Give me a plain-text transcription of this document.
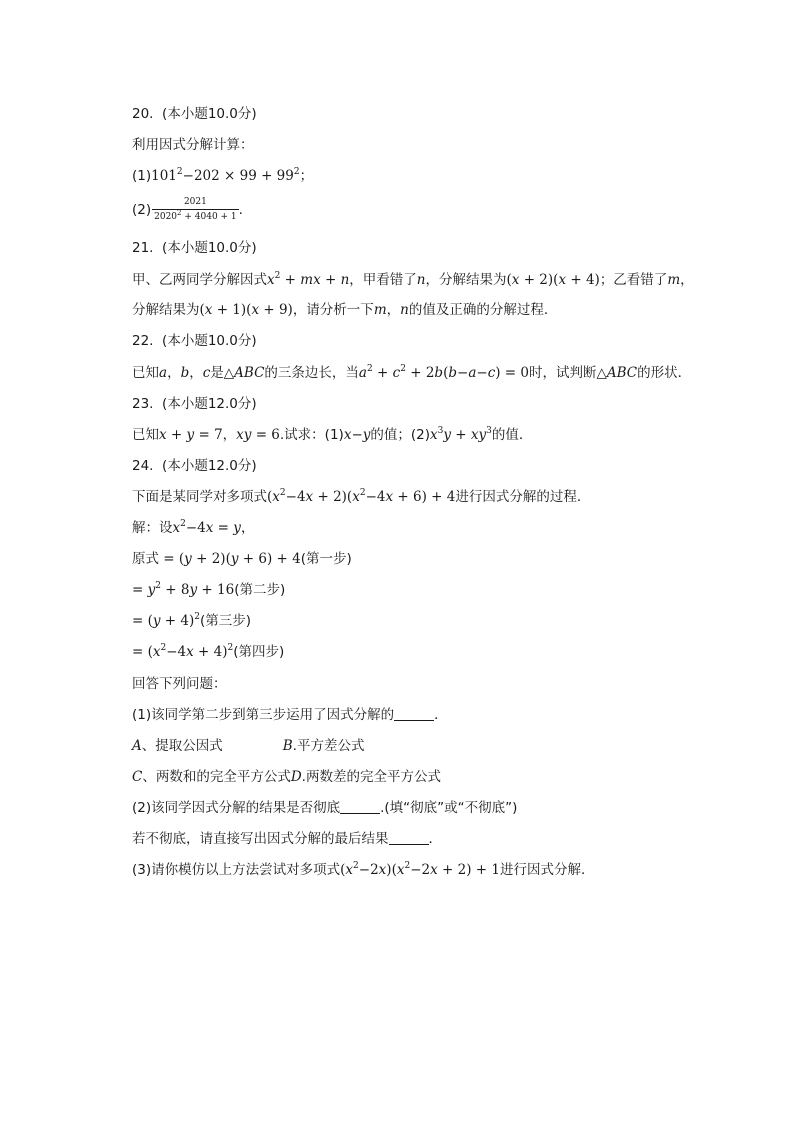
20.  (本小题10.0分)
利用因式分解计算：
$(1)101^2-202 \times 99 + 99^2$；
$(2) \frac{2021}{2020^2 + 4040 + 1}$ .
21.  (本小题10.0分)
甲、乙两同学分解因式$x^2$ + mx + n，甲看错了n，分解结果为(x + 2)(x + 4)；乙看错了m，
分解结果为(x + 1)(x + 9)，请分析一下m，n的值及正确的分解过程．
22.  (本小题10.0分)
已知a，b，c是△ABC的三条边长，当$a^2 + c^2 + 2b(b-a-c) = 0$时，试判断△ABC的形状．
23.  (本小题12.0分)
已知x + y = 7，xy = 6.试求：(1)x−y的值；$(2)x^3y + xy^3$的值．
24.  (本小题12.0分)
下面是某同学对多项式$(x^2-4x + 2)(x^2-4x + 6) + 4$进行因式分解的过程．
解：设$x^2-4x = y$，
原式 = (y + 2)(y + 6) + 4(第一步)
= $y^2 + 8y + 16$(第二步)
= $(y + 4)^2$(第三步)
= $(x^2-4x + 4)^2$(第四步)
回答下列问题：
(1)该同学第二步到第三步运用了因式分解的	．
A、提取公因式	B.平方差公式
C、两数和的完全平方公式D.两数差的完全平方公式
(2)该同学因式分解的结果是否彻底	.(填“彻底”或“不彻底”)
若不彻底，请直接写出因式分解的最后结果	．
(3)请你模仿以上方法尝试对多项式$(x^2-2x)(x^2-2x + 2) + 1$进行因式分解．
